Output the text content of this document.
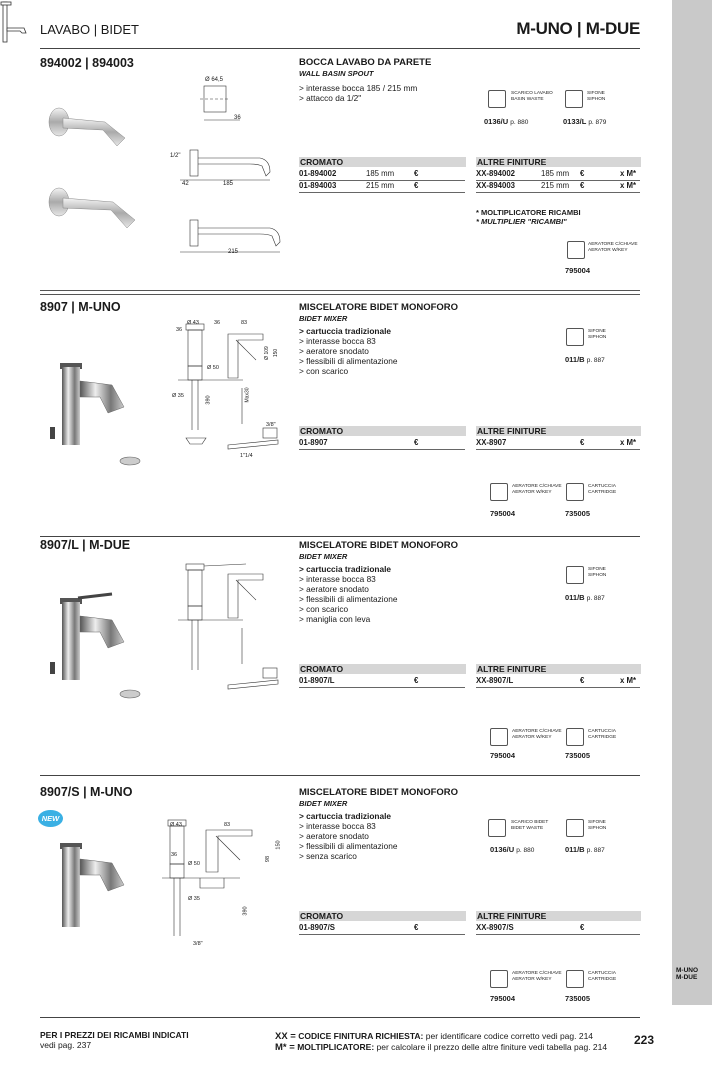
M-UNO
M-DUE
LAVABO | BIDET	M-UNO | M-DUE
894002 | 894003	BOCCA LAVABO DA PARETE
WALL BASIN SPOUT
> interasse bocca 185 / 215 mm
> attacco da 1/2"
Ø 64,5
36
42	185
215
1/2"
SCARICO LAVABO
BASIN WASTE
0136/U p. 880
SIFONE
SIPHON
0133/L p. 879
CROMATO
01-894002	185 mm	€
01-894003	215 mm	€
ALTRE FINITURE
XX-894002	185 mm €	x M*
XX-894003	215 mm €	x M*
* MOLTIPLICATORE RICAMBI
* MULTIPLIER "RICAMBI"
AERATORE C/CHIAVE
AERATOR W/KEY
795004
8907 | M-UNO	MISCELATORE BIDET MONOFORO
BIDET MIXER
> cartuccia tradizionale
> interasse bocca 83
> aeratore snodato
> flessibili di alimentazione
> con scarico
Ø 43
36
36	83
Ø 50
Ø 35	390
3/8"
1"1/4
Ø 109 150
Max30
SIFONE
SIPHON
011/B p. 887
CROMATO
01-8907	€
ALTRE FINITURE
XX-8907	€	x M*
AERATORE C/CHIAVE
AERATOR W/KEY
795004
CARTUCCIA
CARTRIDGE
735005
8907/L | M-DUE	MISCELATORE BIDET MONOFORO
BIDET MIXER
> cartuccia tradizionale
> interasse bocca 83
> aeratore snodato
> flessibili di alimentazione
> con scarico
> maniglia con leva
SIFONE
SIPHON
011/B p. 887
CROMATO
01-8907/L	€
ALTRE FINITURE
XX-8907/L	€	x M*
AERATORE C/CHIAVE
AERATOR W/KEY
795004
CARTUCCIA
CARTRIDGE
735005
8907/S | M-UNO
NEW
MISCELATORE BIDET MONOFORO
BIDET MIXER
> cartuccia tradizionale
> interasse bocca 83
> aeratore snodato
> flessibili di alimentazione
> senza scarico
Ø 43	83
36
Ø 50
Ø 35
390
3/8"
98
150
SCARICO BIDET
BIDET WASTE
0136/U p. 880
SIFONE
SIPHON
011/B p. 887
CROMATO
01-8907/S	€
ALTRE FINITURE
XX-8907/S	€
AERATORE C/CHIAVE
AERATOR W/KEY
795004
CARTUCCIA
CARTRIDGE
735005
PER I PREZZI DEI RICAMBI INDICATI
vedi pag. 237
XX = CODICE FINITURA RICHIESTA: per identificare codice corretto vedi pag. 214
M* = MOLTIPLICATORE: per calcolare il prezzo delle altre finiture vedi tabella pag. 214 223
